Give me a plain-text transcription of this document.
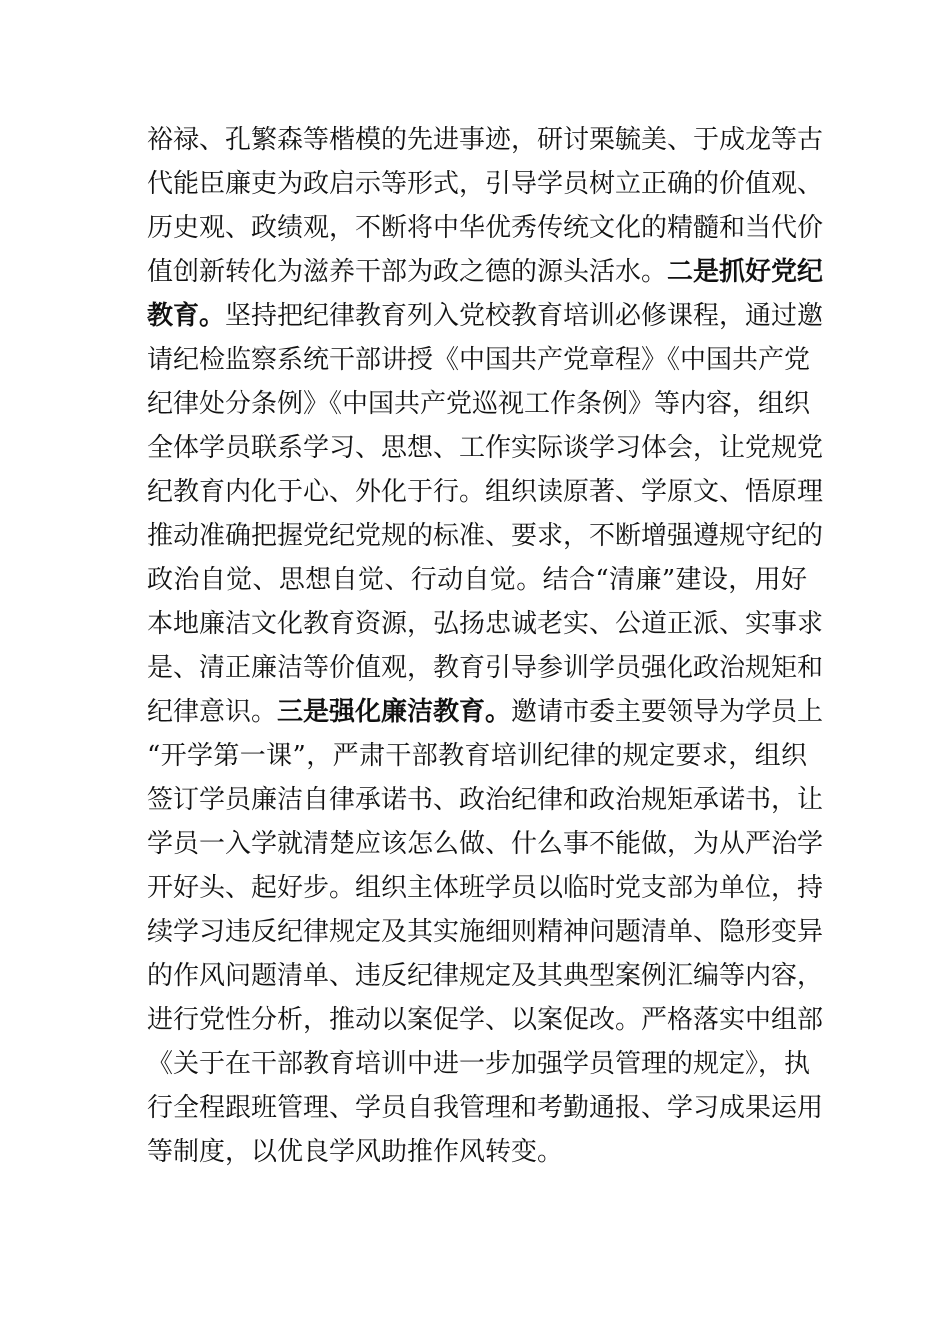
裕禄、孔繁森等楷模的先进事迹，研讨栗毓美、于成龙等古
代能臣廉吏为政启示等形式，引导学员树立正确的价值观、
历史观、政绩观，不断将中华优秀传统文化的精髓和当代价
值创新转化为滋养干部为政之德的源头活水。二是抓好党纪
教育。坚持把纪律教育列入党校教育培训必修课程，通过邀
请纪检监察系统干部讲授《中国共产党章程》《中国共产党
纪律处分条例》《中国共产党巡视工作条例》等内容，组织
全体学员联系学习、思想、工作实际谈学习体会，让党规党
纪教育内化于心、外化于行。组织读原著、学原文、悟原理
推动准确把握党纪党规的标准、要求，不断增强遵规守纪的
政治自觉、思想自觉、行动自觉。结合“清廉”建设，用好
本地廉洁文化教育资源，弘扬忠诚老实、公道正派、实事求
是、清正廉洁等价值观，教育引导参训学员强化政治规矩和
纪律意识。三是强化廉洁教育。邀请市委主要领导为学员上
“开学第一课”，严肃干部教育培训纪律的规定要求，组织
签订学员廉洁自律承诺书、政治纪律和政治规矩承诺书，让
学员一入学就清楚应该怎么做、什么事不能做，为从严治学
开好头、起好步。组织主体班学员以临时党支部为单位，持
续学习违反纪律规定及其实施细则精神问题清单、隐形变异
的作风问题清单、违反纪律规定及其典型案例汇编等内容，
进行党性分析，推动以案促学、以案促改。严格落实中组部
《关于在干部教育培训中进一步加强学员管理的规定》，执
行全程跟班管理、学员自我管理和考勤通报、学习成果运用
等制度，以优良学风助推作风转变。
